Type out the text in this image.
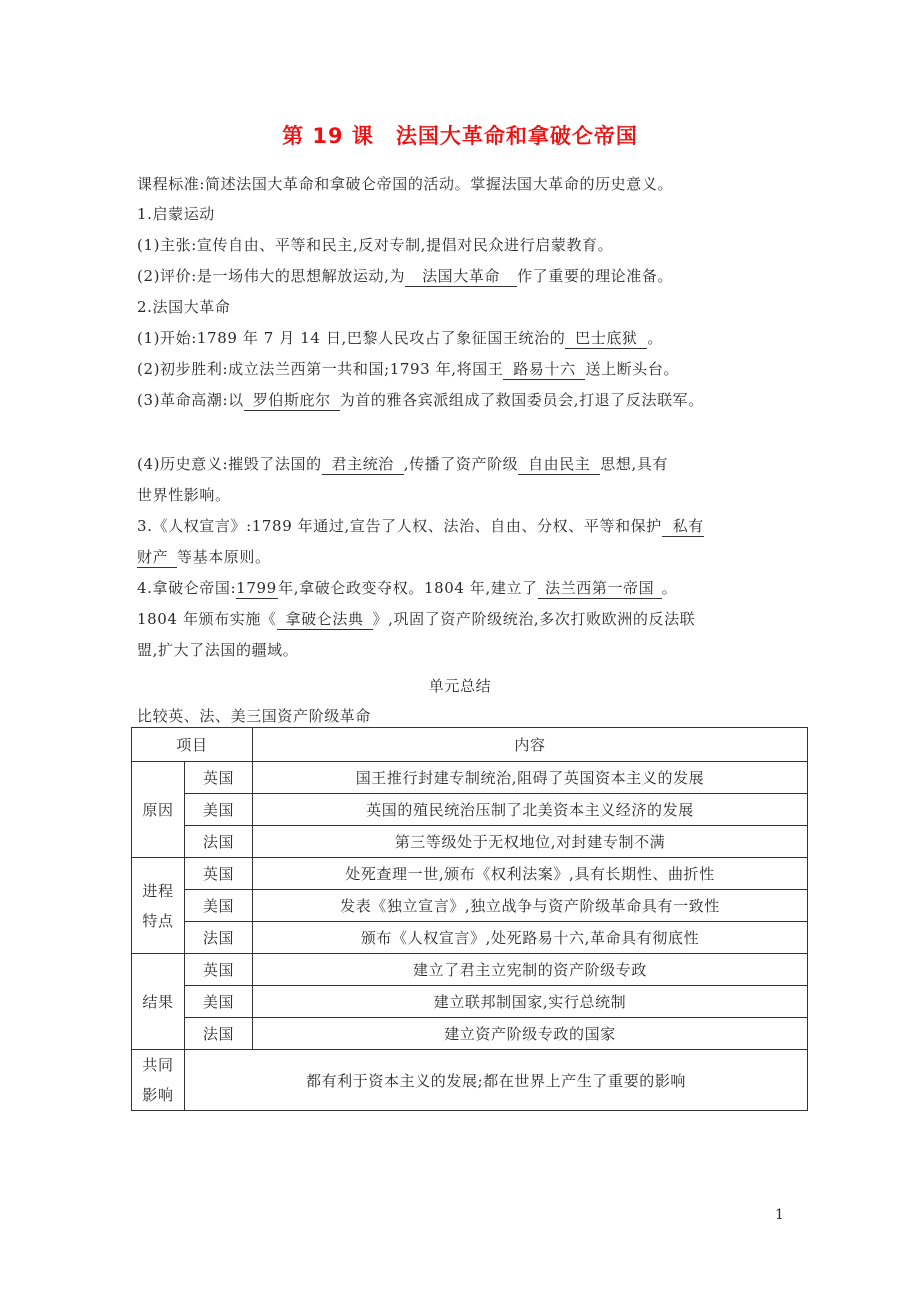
第 19 课 法国大革命和拿破仑帝国
课程标准:简述法国大革命和拿破仑帝国的活动。掌握法国大革命的历史意义。
1.启蒙运动
(1)主张:宣传自由、平等和民主,反对专制,提倡对民众进行启蒙教育。
(2)评价:是一场伟大的思想解放运动,为 法国大革命 作了重要的理论准备。
2.法国大革命
(1)开始:1789 年 7 月 14 日,巴黎人民攻占了象征国王统治的 巴士底狱 。
(2)初步胜利:成立法兰西第一共和国;1793 年,将国王 路易十六 送上断头台。
(3)革命高潮:以 罗伯斯庇尔 为首的雅各宾派组成了救国委员会,打退了反法联军。
(4)历史意义:摧毁了法国的 君主统治 ,传播了资产阶级 自由民主 思想,具有
世界性影响。
3.《人权宣言》:1789 年通过,宣告了人权、法治、自由、分权、平等和保护 私有
财产 等基本原则。
4.拿破仑帝国:1799年,拿破仑政变夺权。1804 年,建立了 法兰西第一帝国 。
1804 年颁布实施《 拿破仑法典 》,巩固了资产阶级统治,多次打败欧洲的反法联
盟,扩大了法国的疆域。
单元总结
比较英、法、美三国资产阶级革命
项目		内容
原因	英国	国王推行封建专制统治,阻碍了英国资本主义的发展
	美国	英国的殖民统治压制了北美资本主义经济的发展
	法国	第三等级处于无权地位,对封建专制不满
进程
特点	英国	处死查理一世,颁布《权利法案》,具有长期性、曲折性
	美国	发表《独立宣言》,独立战争与资产阶级革命具有一致性
	法国	颁布《人权宣言》,处死路易十六,革命具有彻底性
结果	英国	建立了君主立宪制的资产阶级专政
	美国	建立联邦制国家,实行总统制
	法国	建立资产阶级专政的国家
共同
影响	都有利于资本主义的发展;都在世界上产生了重要的影响	
1
